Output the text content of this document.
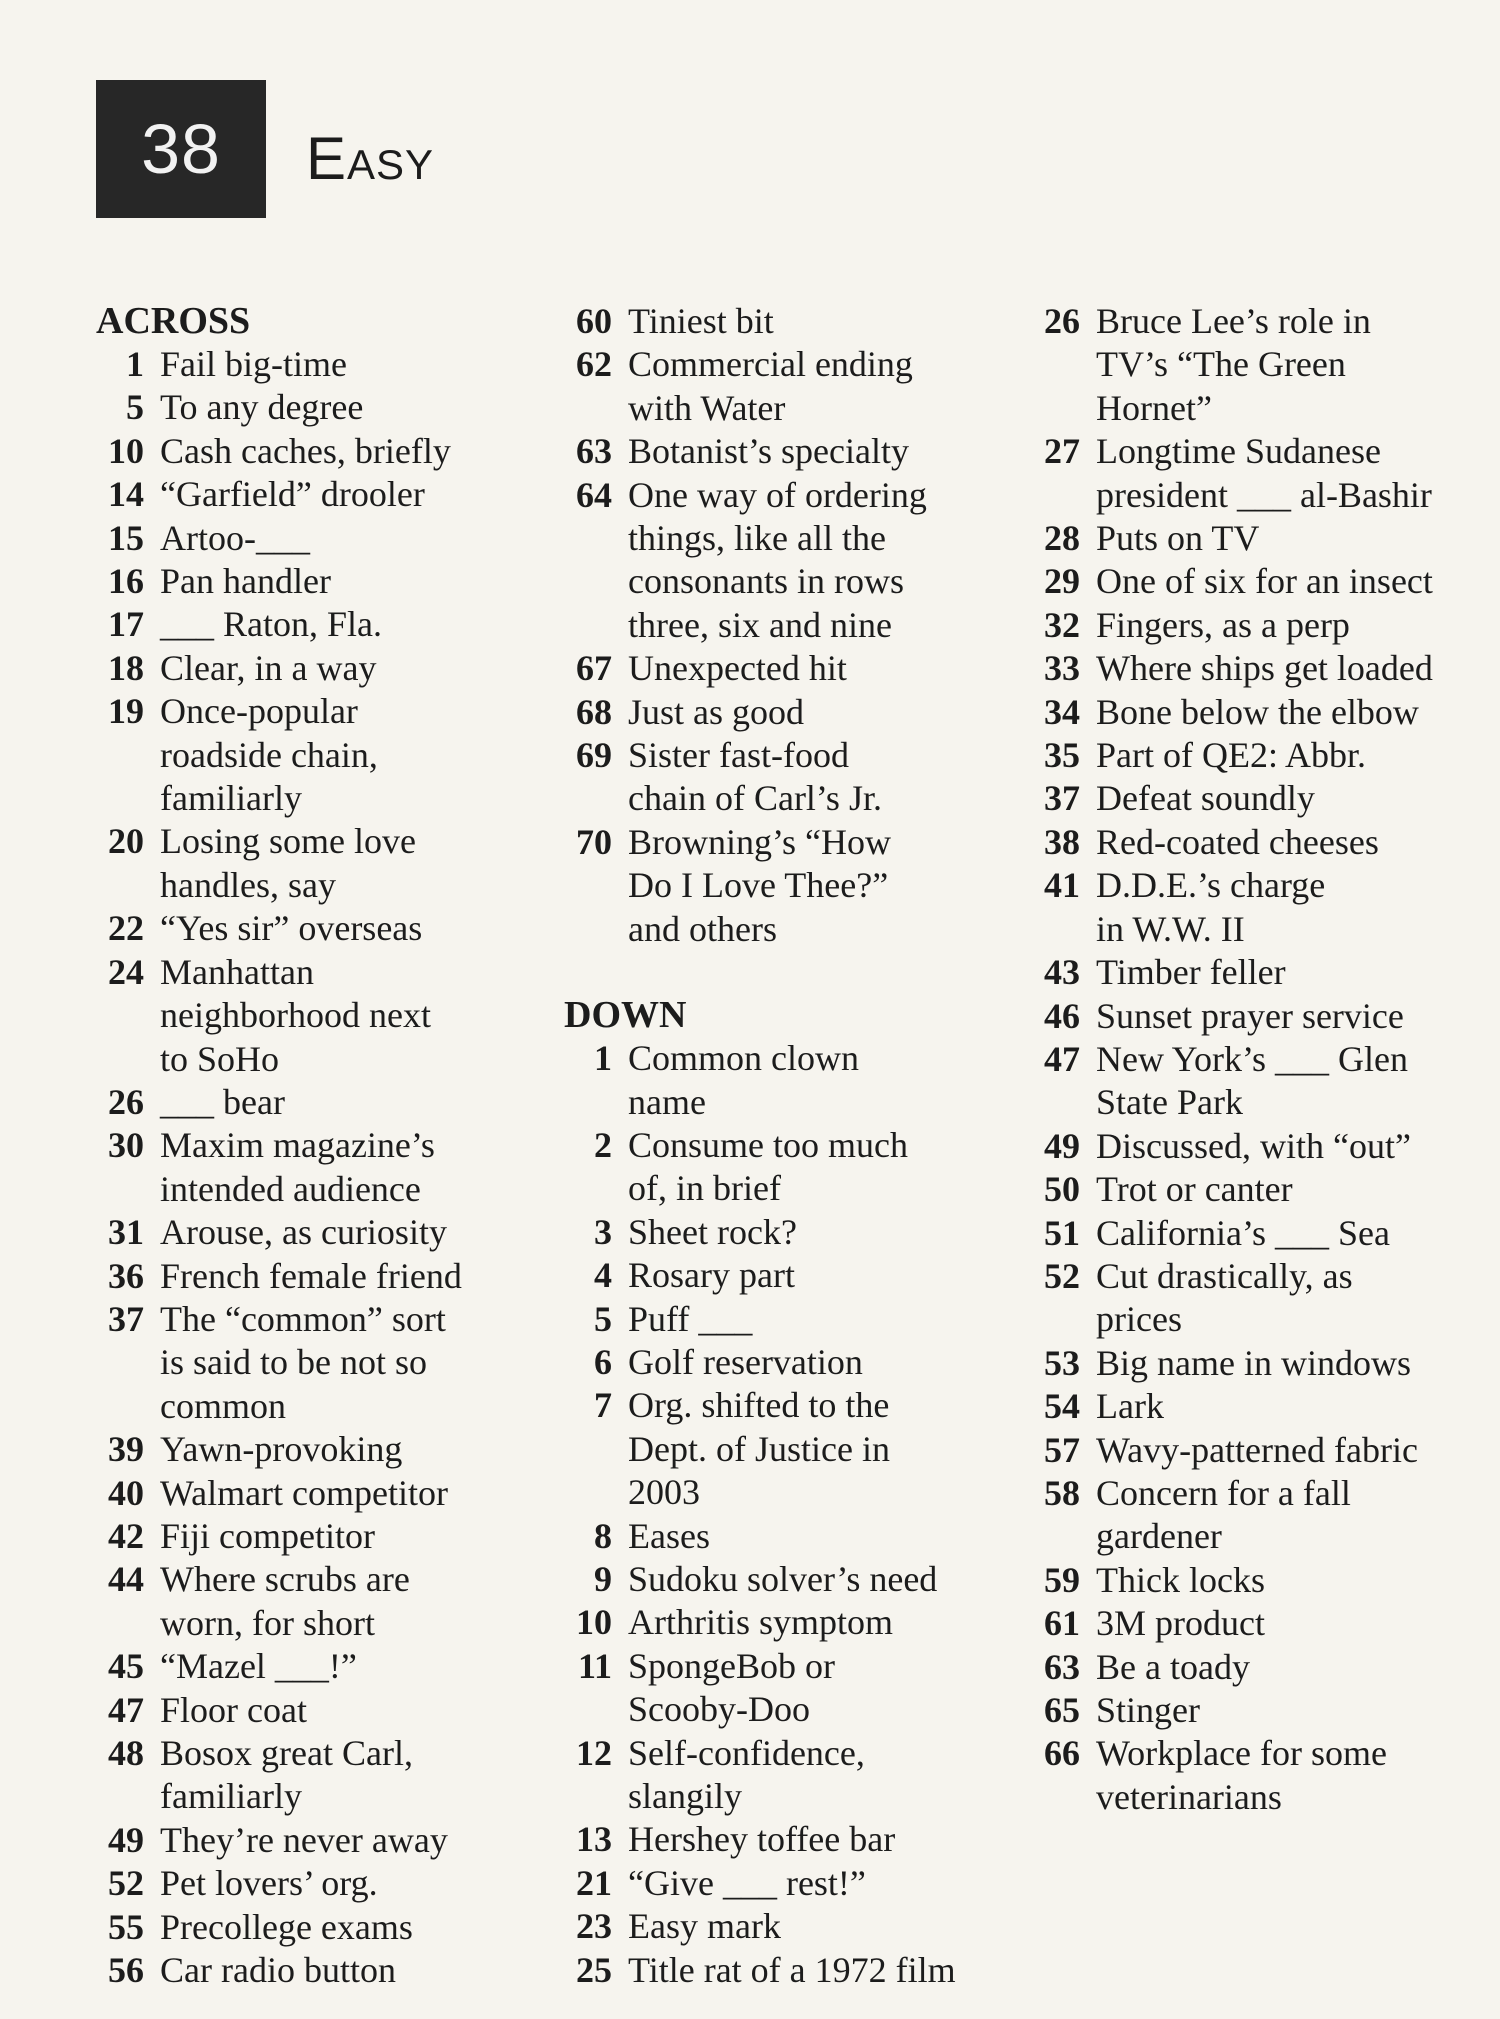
38	Easy
ACROSS
1 Fail big-time
5 To any degree
10 Cash caches, briefly
14 “Garfield” drooler
15 Artoo-___
16 Pan handler
17 ___ Raton, Fla.
18 Clear, in a way
19 Once-popular
roadside chain,
familiarly
20 Losing some love
handles, say
22 “Yes sir” overseas
24 Manhattan
neighborhood next
to SoHo
26 ___ bear
30 Maxim magazine’s
intended audience
31 Arouse, as curiosity
36 French female friend
37 The “common” sort
is said to be not so
common
39 Yawn-provoking
40 Walmart competitor
42 Fiji competitor
44 Where scrubs are
worn, for short
45 “Mazel ___!”
47 Floor coat
48 Bosox great Carl,
familiarly
49 They’re never away
52 Pet lovers’ org.
55 Precollege exams
56 Car radio button
60 Tiniest bit
62 Commercial ending
with Water
63 Botanist’s specialty
64 One way of ordering
things, like all the
consonants in rows
three, six and nine
67 Unexpected hit
68 Just as good
69 Sister fast-food
chain of Carl’s Jr.
70 Browning’s “How
Do I Love Thee?”
and others
DOWN
1 Common clown
name
2 Consume too much
of, in brief
3 Sheet rock?
4 Rosary part
5 Puff ___
6 Golf reservation
7 Org. shifted to the
Dept. of Justice in
2003
8 Eases
9 Sudoku solver’s need
10 Arthritis symptom
11 SpongeBob or
Scooby-Doo
12 Self-confidence,
slangily
13 Hershey toffee bar
21 “Give ___ rest!”
23 Easy mark
25 Title rat of a 1972 film
26 Bruce Lee’s role in
TV’s “The Green
Hornet”
27 Longtime Sudanese
president ___ al-Bashir
28 Puts on TV
29 One of six for an insect
32 Fingers, as a perp
33 Where ships get loaded
34 Bone below the elbow
35 Part of QE2: Abbr.
37 Defeat soundly
38 Red-coated cheeses
41 D.D.E.’s charge
in W.W. II
43 Timber feller
46 Sunset prayer service
47 New York’s ___ Glen
State Park
49 Discussed, with “out”
50 Trot or canter
51 California’s ___ Sea
52 Cut drastically, as
prices
53 Big name in windows
54 Lark
57 Wavy-patterned fabric
58 Concern for a fall
gardener
59 Thick locks
61 3M product
63 Be a toady
65 Stinger
66 Workplace for some
veterinarians
